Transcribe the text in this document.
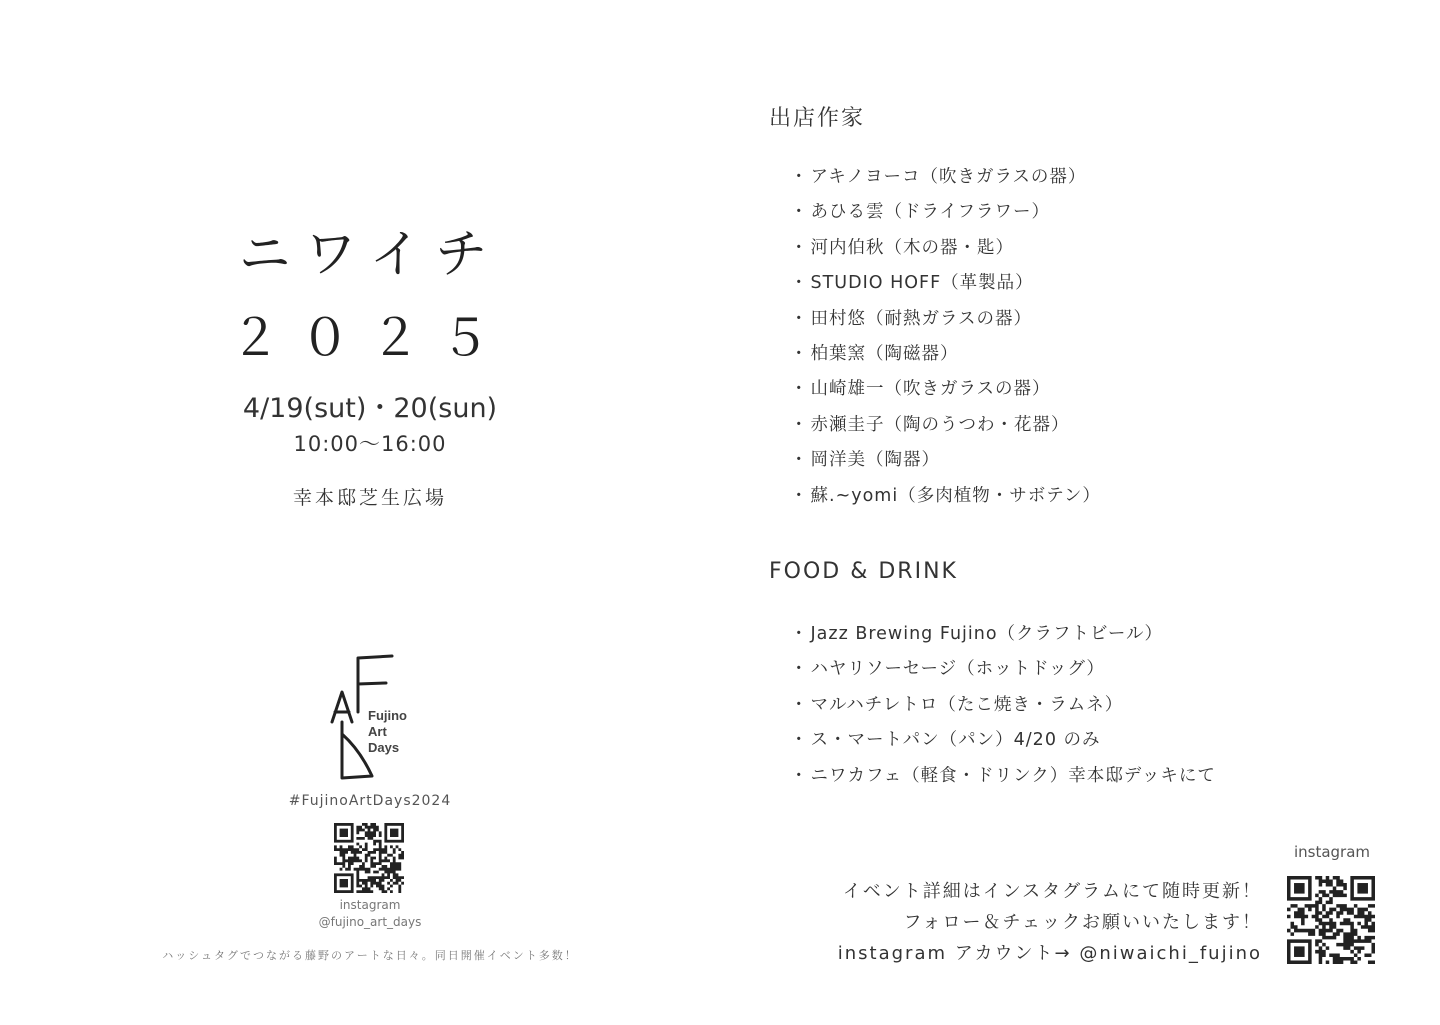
ニワイチ
２０２５
4/19(sut)・20(sun)
10:00〜16:00
幸本邸芝生広場
Fujino
Art
Days
#FujinoArtDays2024
instagram
@fujino_art_days
ハッシュタグでつながる藤野のアートな日々。同日開催イベント多数！
出店作家
・ アキノヨーコ（吹きガラスの器）
・ あひる雲（ドライフラワー）
・ 河内伯秋（木の器・匙）
・ STUDIO HOFF（革製品）
・ 田村悠（耐熱ガラスの器）
・ 柏葉窯（陶磁器）
・ 山崎雄一（吹きガラスの器）
・ 赤瀬圭子（陶のうつわ・花器）
・ 岡洋美（陶器）
・ 蘇.~yomi（多肉植物・サボテン）
FOOD & DRINK
・ Jazz Brewing Fujino（クラフトビール）
・ ハヤリソーセージ（ホットドッグ）
・ マルハチレトロ（たこ焼き・ラムネ）
・ ス・マートパン（パン）4/20 のみ
・ ニワカフェ（軽食・ドリンク）幸本邸デッキにて
イベント詳細はインスタグラムにて随時更新！
フォロー＆チェックお願いいたします！
instagram アカウント→ @niwaichi_fujino
instagram
